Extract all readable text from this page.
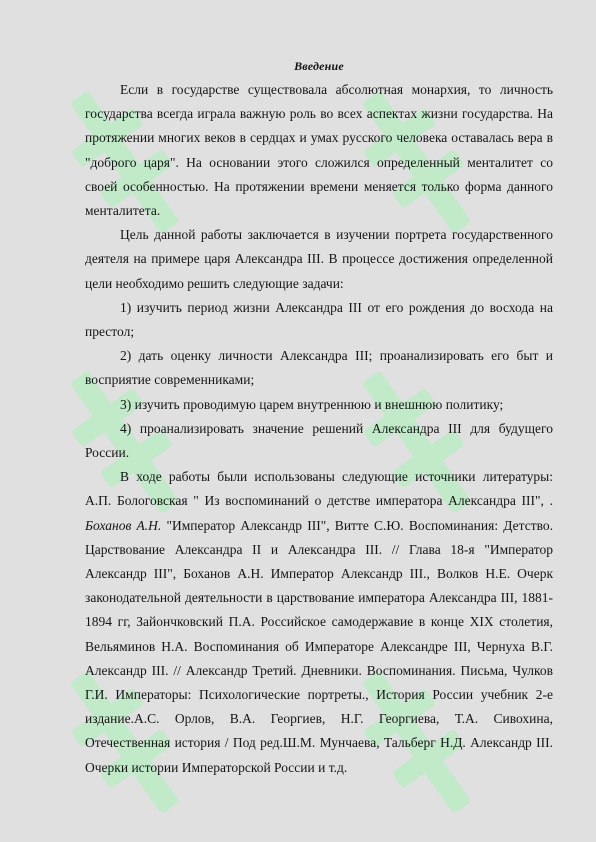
Введение

Если в государстве существовала абсолютная монархия, то личность государства всегда играла важную роль во всех аспектах жизни государства. На протяжении многих веков в сердцах и умах русского человека оставалась вера в "доброго царя". На основании этого сложился определенный менталитет со своей особенностью. На протяжении времени меняется только форма данного менталитета.

Цель данной работы заключается в изучении портрета государственного деятеля на примере царя Александра III. В процессе достижения определенной цели необходимо решить следующие задачи:

1) изучить период жизни Александра III от его рождения до восхода на престол;

2) дать оценку личности Александра III; проанализировать его быт и восприятие современниками;

3) изучить проводимую царем внутреннюю и внешнюю политику;

4) проанализировать значение решений Александра III для будущего России.

В ходе работы были использованы следующие источники литературы: А.П. Бологовская " Из воспоминаний о детстве императора Александра III", . Боханов А.Н. "Император Александр III", Витте С.Ю. Воспоминания: Детство. Царствование Александра II и Александра III. // Глава 18-я "Император Александр III", Боханов А.Н. Император Александр III., Волков Н.Е. Очерк законодательной деятельности в царствование императора Александра III, 1881-1894 гг, Зайончковский П.А. Российское самодержавие в конце XIX столетия, Вельяминов Н.А. Воспоминания об Императоре Александре III, Чернуха В.Г. Александр III. // Александр Третий. Дневники. Воспоминания. Письма, Чулков Г.И. Императоры: Психологические портреты., История России учебник 2-е издание.А.С. Орлов, В.А. Георгиев, Н.Г. Георгиева, Т.А. Сивохина, Отечественная история / Под ред.Ш.М. Мунчаева, Тальберг Н.Д. Александр III. Очерки истории Императорской России и т.д.
